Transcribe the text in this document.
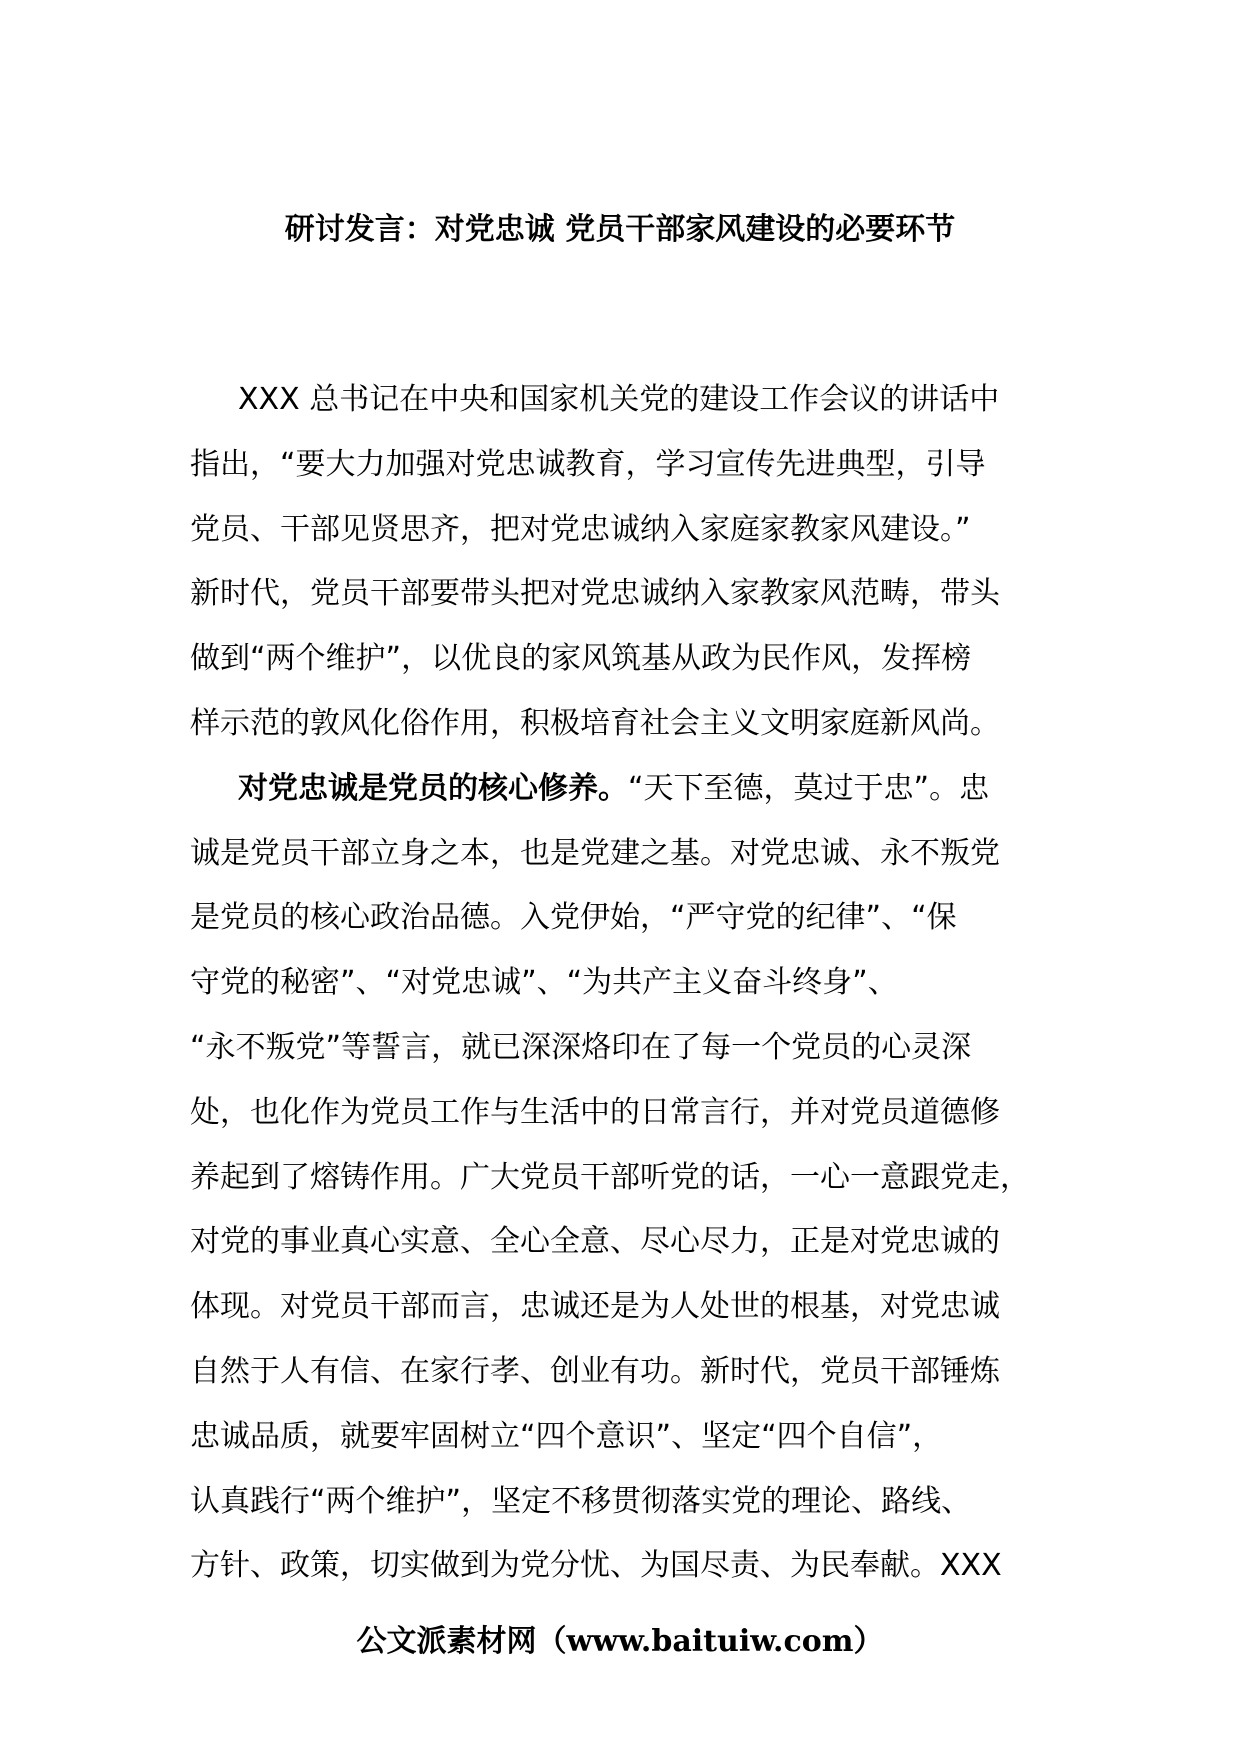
研讨发言：对党忠诚 党员干部家风建设的必要环节
XXX 总书记在中央和国家机关党的建设工作会议的讲话中
指出，“要大力加强对党忠诚教育，学习宣传先进典型，引导
党员、干部见贤思齐，把对党忠诚纳入家庭家教家风建设。”
新时代，党员干部要带头把对党忠诚纳入家教家风范畴，带头
做到“两个维护”，以优良的家风筑基从政为民作风，发挥榜
样示范的敦风化俗作用，积极培育社会主义文明家庭新风尚。
对党忠诚是党员的核心修养。“天下至德，莫过于忠”。忠
诚是党员干部立身之本，也是党建之基。对党忠诚、永不叛党
是党员的核心政治品德。入党伊始，“严守党的纪律”、“保
守党的秘密”、“对党忠诚”、“为共产主义奋斗终身”、
“永不叛党”等誓言，就已深深烙印在了每一个党员的心灵深
处，也化作为党员工作与生活中的日常言行，并对党员道德修
养起到了熔铸作用。广大党员干部听党的话，一心一意跟党走，
对党的事业真心实意、全心全意、尽心尽力，正是对党忠诚的
体现。对党员干部而言，忠诚还是为人处世的根基，对党忠诚
自然于人有信、在家行孝、创业有功。新时代，党员干部锤炼
忠诚品质，就要牢固树立“四个意识”、坚定“四个自信”，
认真践行“两个维护”，坚定不移贯彻落实党的理论、路线、
方针、政策，切实做到为党分忧、为国尽责、为民奉献。XXX
公文派素材网（www.baituiw.com）
